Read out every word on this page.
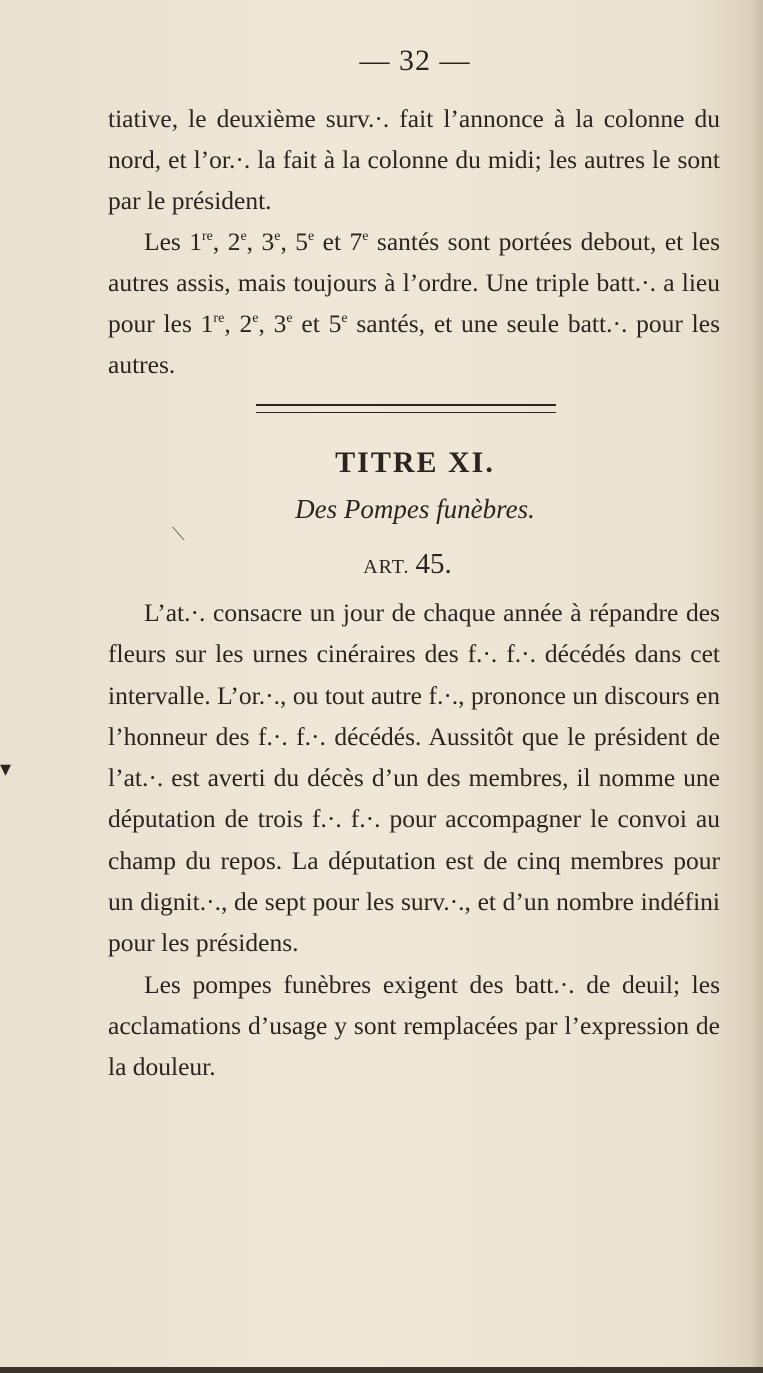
— 32 —

tiative, le deuxième surv.·. fait l’annonce à la colonne du nord, et l’or.·. la fait à la colonne du midi; les autres le sont par le président.

Les 1re, 2e, 3e, 5e et 7e santés sont portées debout, et les autres assis, mais toujours à l’ordre. Une triple batt.·. a lieu pour les 1re, 2e, 3e et 5e santés, et une seule batt.·. pour les autres.

TITRE XI.
Des Pompes funèbres.
ART. 45.

L’at.·. consacre un jour de chaque année à répandre des fleurs sur les urnes cinéraires des f.·. f.·. décédés dans cet intervalle. L’or.·., ou tout autre f.·., prononce un discours en l’honneur des f.·. f.·. décédés. Aussitôt que le président de l’at.·. est averti du décès d’un des membres, il nomme une députation de trois f.·. f.·. pour accompagner le convoi au champ du repos. La députation est de cinq membres pour un dignit.·., de sept pour les surv.·., et d’un nombre indéfini pour les présidens.

Les pompes funèbres exigent des batt.·. de deuil; les acclamations d’usage y sont remplacées par l’expression de la douleur.

▾
⟍
